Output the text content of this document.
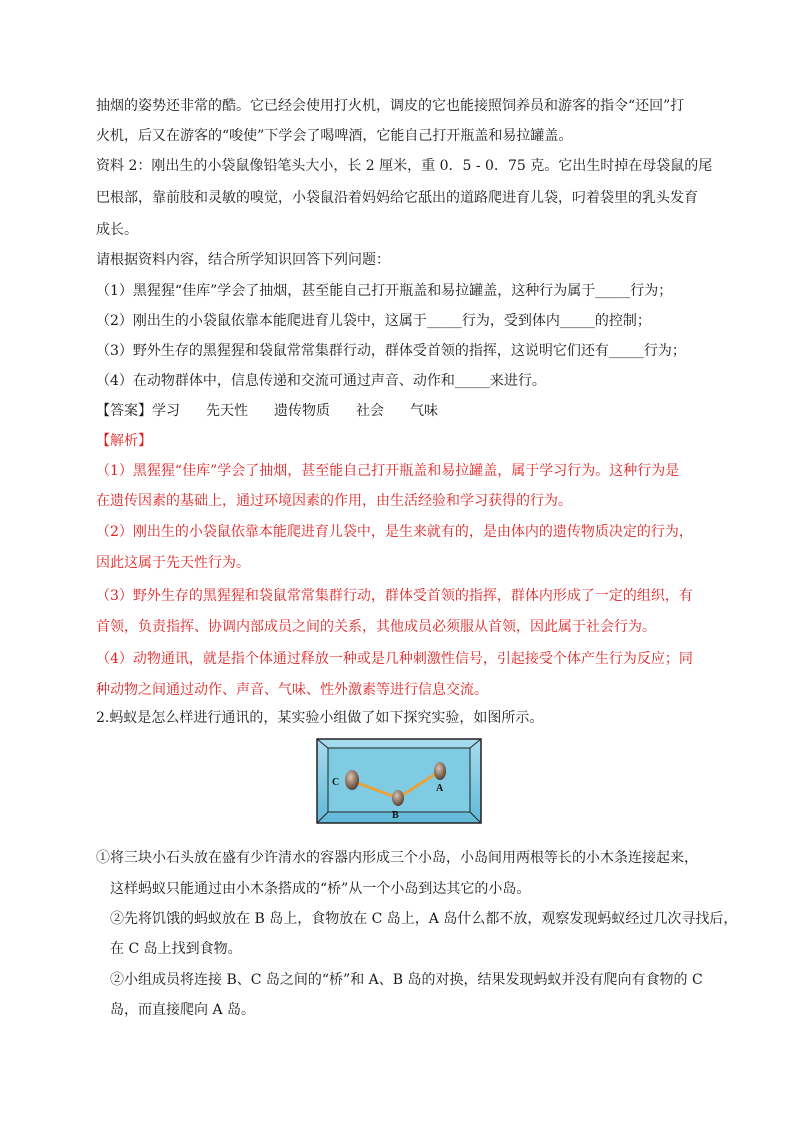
抽烟的姿势还非常的酷。它已经会使用打火机，调皮的它也能接照饲养员和游客的指令“还回”打
火机，后又在游客的“唆使”下学会了喝啤酒，它能自己打开瓶盖和易拉罐盖。
资料 2：刚出生的小袋鼠像铅笔头大小，长 2 厘米，重 0．5 - 0．75 克。它出生时掉在母袋鼠的尾
巴根部，靠前肢和灵敏的嗅觉，小袋鼠沿着妈妈给它舐出的道路爬进育儿袋，叼着袋里的乳头发育
成长。
请根据资料内容，结合所学知识回答下列问题：
（1）黑猩猩“佳库”学会了抽烟，甚至能自己打开瓶盖和易拉罐盖，这种行为属于_____行为；
（2）刚出生的小袋鼠依靠本能爬进育儿袋中，这属于_____行为，受到体内_____的控制；
（3）野外生存的黑猩猩和袋鼠常常集群行动，群体受首领的指挥，这说明它们还有_____行为；
（4）在动物群体中，信息传递和交流可通过声音、动作和_____来进行。
【答案】学习 先天性 遗传物质 社会 气味
【解析】
（1）黑猩猩“佳库”学会了抽烟，甚至能自己打开瓶盖和易拉罐盖，属于学习行为。这种行为是
在遗传因素的基础上，通过环境因素的作用，由生活经验和学习获得的行为。
（2）刚出生的小袋鼠依靠本能爬进育儿袋中，是生来就有的，是由体内的遗传物质决定的行为，
因此这属于先天性行为。
（3）野外生存的黑猩猩和袋鼠常常集群行动，群体受首领的指挥，群体内形成了一定的组织，有
首领，负责指挥、协调内部成员之间的关系，其他成员必须服从首领，因此属于社会行为。
（4）动物通讯，就是指个体通过释放一种或是几种刺激性信号，引起接受个体产生行为反应；同
种动物之间通过动作、声音、气味、性外激素等进行信息交流。
2.蚂蚁是怎么样进行通讯的，某实验小组做了如下探究实验，如图所示。
C
B
A
①将三块小石头放在盛有少许清水的容器内形成三个小岛，小岛间用两根等长的小木条连接起来，
这样蚂蚁只能通过由小木条搭成的“桥”从一个小岛到达其它的小岛。
②先将饥饿的蚂蚁放在 B 岛上，食物放在 C 岛上，A 岛什么都不放，观察发现蚂蚁经过几次寻找后，
在 C 岛上找到食物。
②小组成员将连接 B、C 岛之间的“桥”和 A、B 岛的对换，结果发现蚂蚁并没有爬向有食物的 C
岛，而直接爬向 A 岛。
